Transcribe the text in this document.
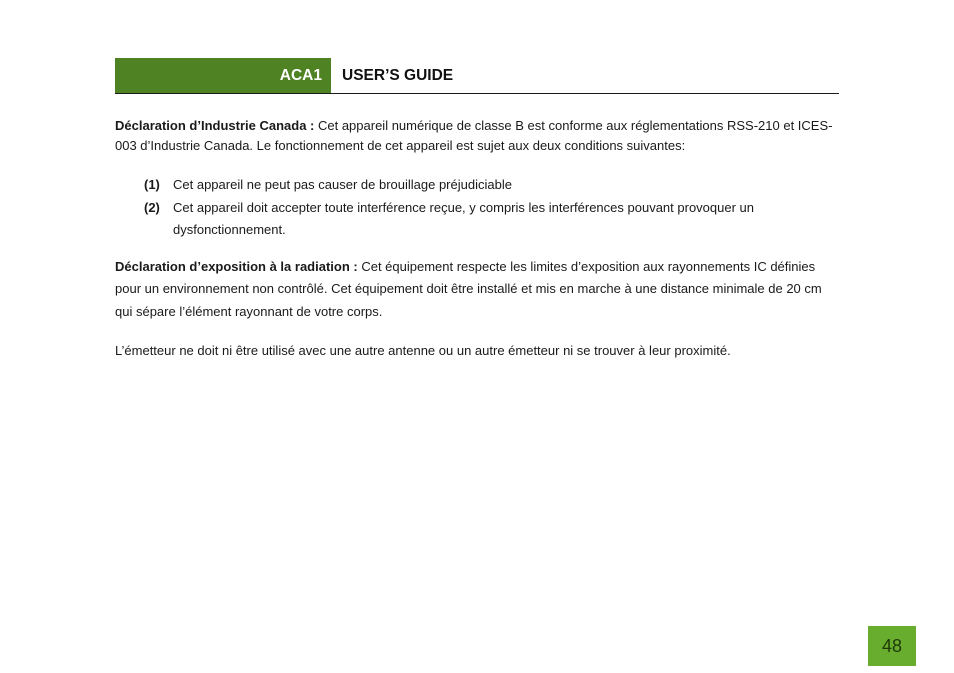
ACA1	USER’S GUIDE

Déclaration d’Industrie Canada : Cet appareil numérique de classe B est conforme aux réglementations RSS-210 et ICES-003 d’Industrie Canada. Le fonctionnement de cet appareil est sujet aux deux conditions suivantes:

(1) Cet appareil ne peut pas causer de brouillage préjudiciable
(2) Cet appareil doit accepter toute interférence reçue, y compris les interférences pouvant provoquer un dysfonctionnement.

Déclaration d’exposition à la radiation : Cet équipement respecte les limites d’exposition aux rayonnements IC définies pour un environnement non contrôlé. Cet équipement doit être installé et mis en marche à une distance minimale de 20 cm qui sépare l’élément rayonnant de votre corps.

L’émetteur ne doit ni être utilisé avec une autre antenne ou un autre émetteur ni se trouver à leur proximité.

48
